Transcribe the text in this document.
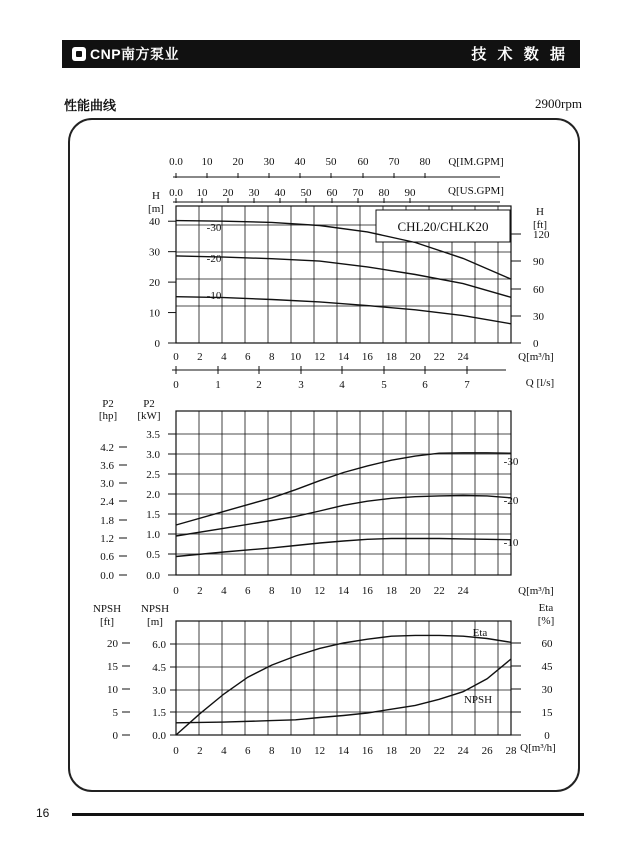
CNP南方泵业	技 术 数 据
性能曲线	2900rpm
0.0 10 20 30 40 50 60 70 80 Q[IM.GPM]
0.0 10 20 30 40 50 60 70 80 90	Q[US.GPM]
0
10
20
30
40
H
[m]
0
30
60
90
120
H
[ft]
0 2 4 6 8 10 12 14 16 18 20 22 24	Q[m³/h]
0	1	2	3	4	5	6	7	Q [l/s]
CHL20/CHLK20
-30
-20
-10
P2
[hp]
P2
[kW]
0.0
0.5
1.0
1.5
2.0
2.5
3.0
3.5
0.0
0.6
1.2
1.8
2.4
3.0
3.6
4.2
0 2 4 6 8 10 12 14 16 18 20 22 24	Q[m³/h]
-30
-20
-10
NPSH
[ft]
NPSH
[m]
0.0
1.5
3.0
4.5
6.0
0
5
10
15
20
Eta
[%]
0
15
30
45
60
0 2 4 6 8 10 12 14 16 18 20 22 24 26 28 Q[m³/h]
Eta
NPSH
16
